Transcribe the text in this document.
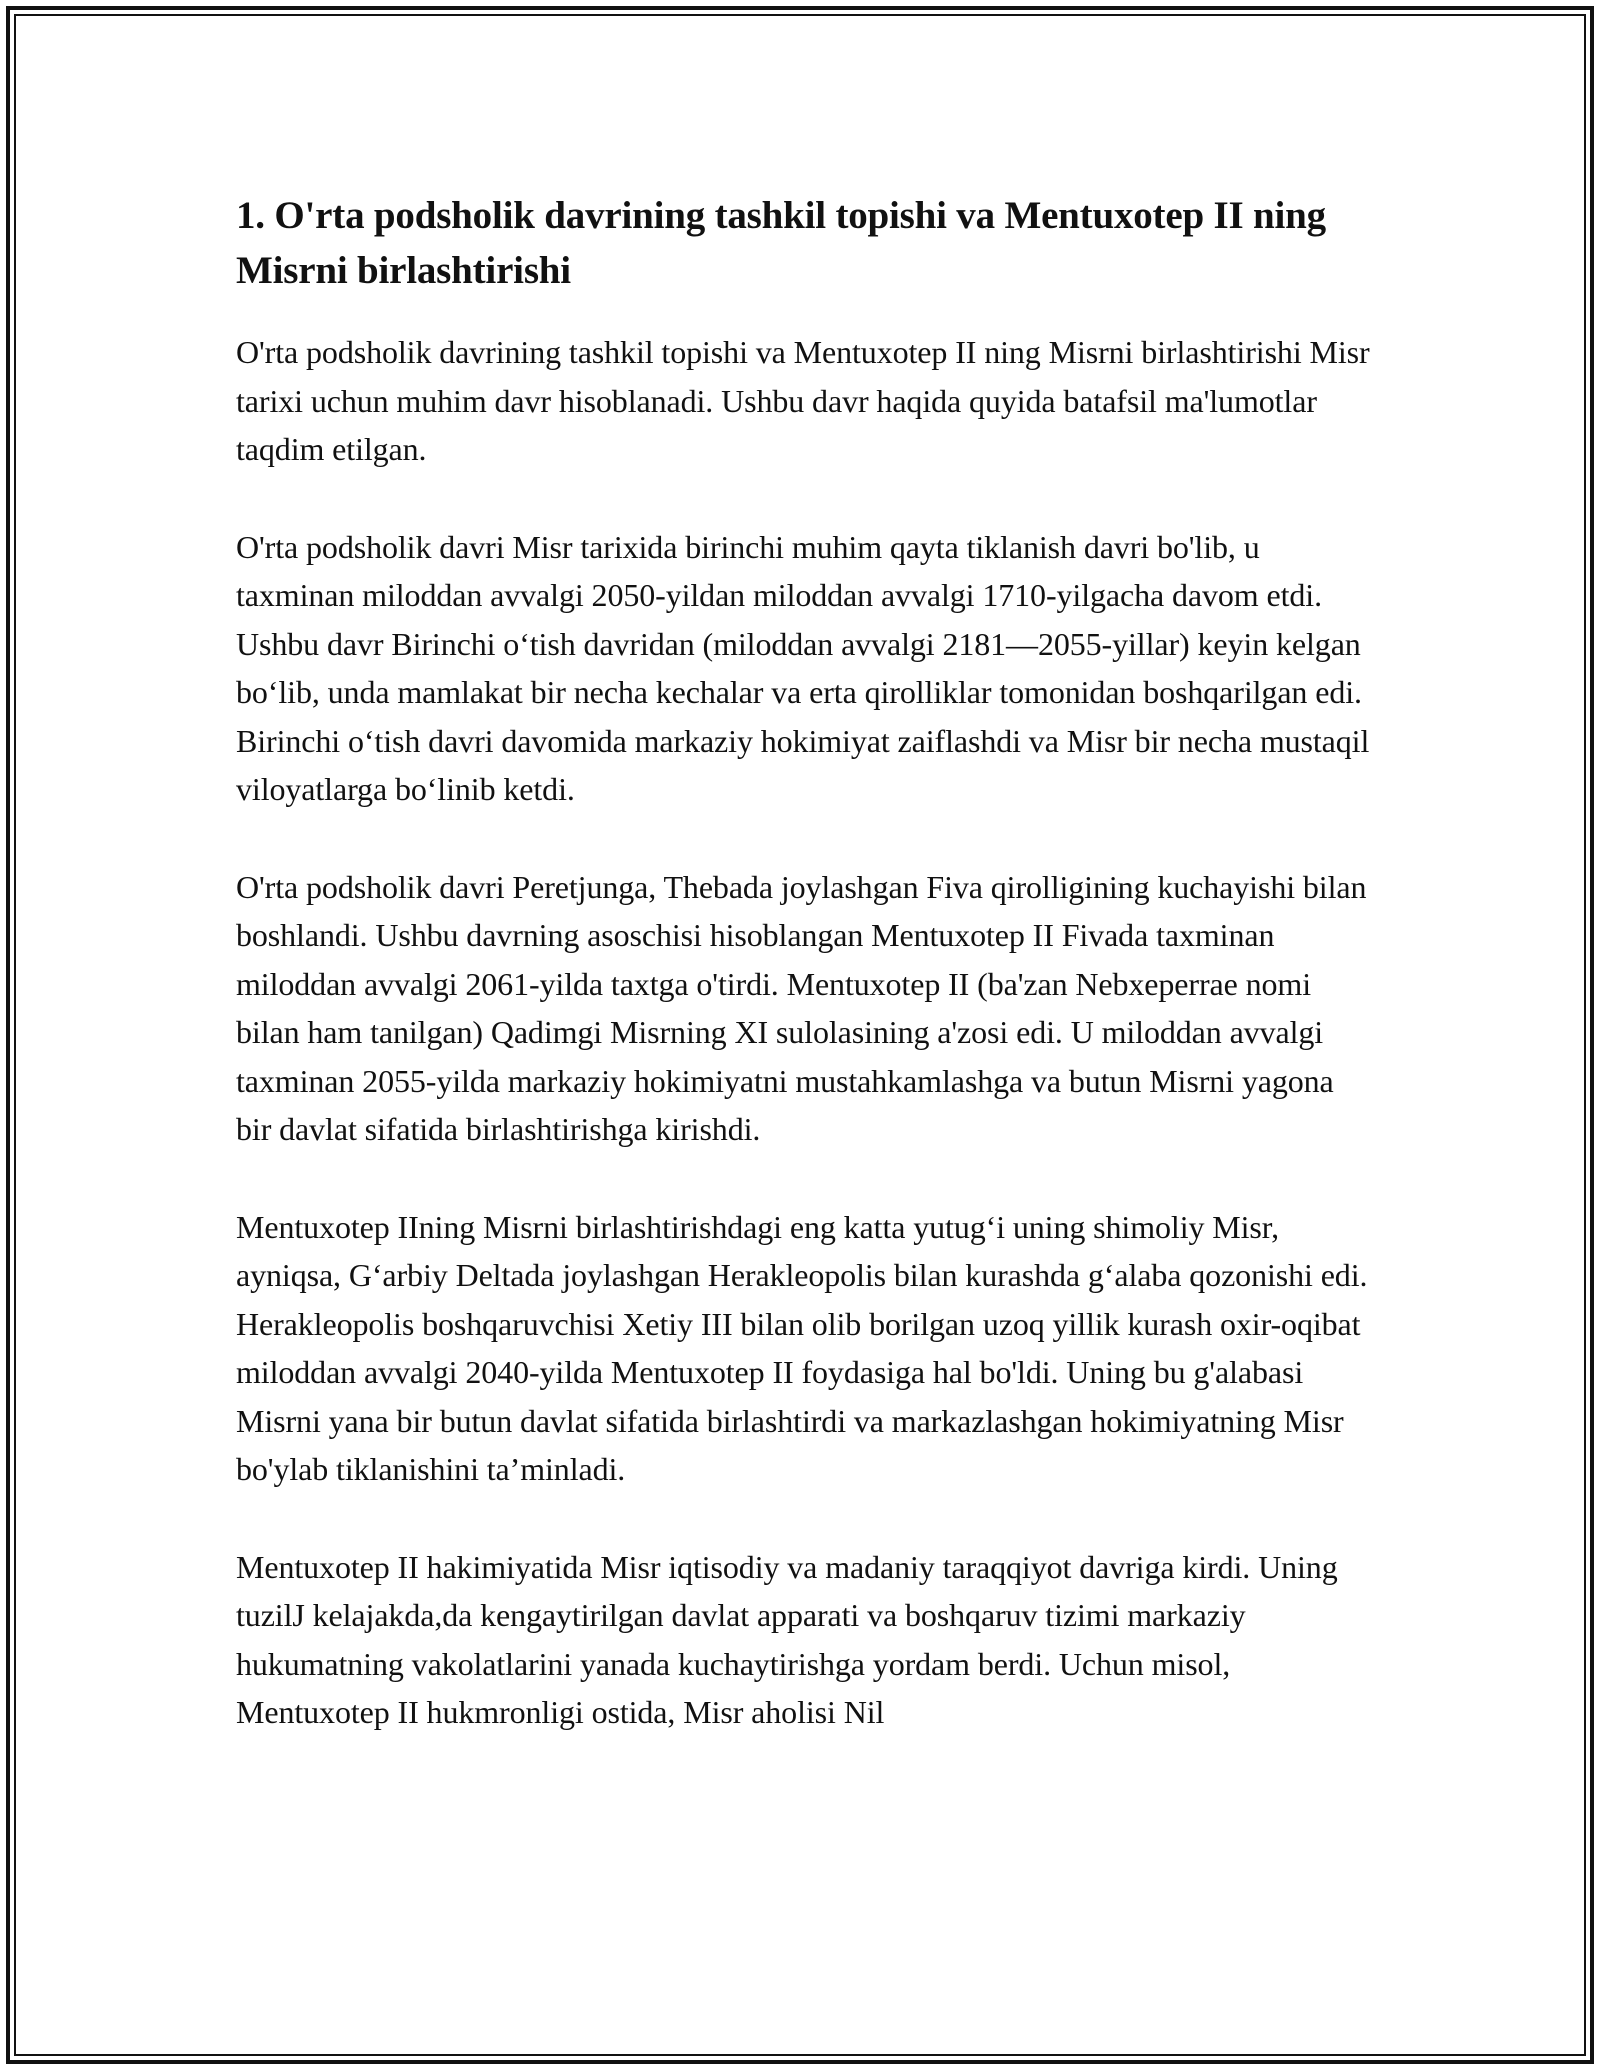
1. O'rta podsholik davrining tashkil topishi va Mentuxotep II ning Misrni birlashtirishi

O'rta podsholik davrining tashkil topishi va Mentuxotep II ning Misrni birlashtirishi Misr tarixi uchun muhim davr hisoblanadi. Ushbu davr haqida quyida batafsil ma'lumotlar taqdim etilgan.

O'rta podsholik davri Misr tarixida birinchi muhim qayta tiklanish davri bo'lib, u taxminan miloddan avvalgi 2050-yildan miloddan avvalgi 1710-yilgacha davom etdi. Ushbu davr Birinchi o‘tish davridan (miloddan avvalgi 2181—2055-yillar) keyin kelgan bo‘lib, unda mamlakat bir necha kechalar va erta qirolliklar tomonidan boshqarilgan edi. Birinchi o‘tish davri davomida markaziy hokimiyat zaiflashdi va Misr bir necha mustaqil viloyatlarga bo‘linib ketdi.

O'rta podsholik davri Peretjunga, Thebada joylashgan Fiva qirolligining kuchayishi bilan boshlandi. Ushbu davrning asoschisi hisoblangan Mentuxotep II Fivada taxminan miloddan avvalgi 2061-yilda taxtga o'tirdi. Mentuxotep II (ba'zan Nebxeperrae nomi bilan ham tanilgan) Qadimgi Misrning XI sulolasining a'zosi edi. U miloddan avvalgi taxminan 2055-yilda markaziy hokimiyatni mustahkamlashga va butun Misrni yagona bir davlat sifatida birlashtirishga kirishdi.

Mentuxotep IIning Misrni birlashtirishdagi eng katta yutug‘i uning shimoliy Misr, ayniqsa, G‘arbiy Deltada joylashgan Herakleopolis bilan kurashda g‘alaba qozonishi edi. Herakleopolis boshqaruvchisi Xetiy III bilan olib borilgan uzoq yillik kurash oxir-oqibat miloddan avvalgi 2040-yilda Mentuxotep II foydasiga hal bo'ldi. Uning bu g'alabasi Misrni yana bir butun davlat sifatida birlashtirdi va markazlashgan hokimiyatning Misr bo'ylab tiklanishini ta’minladi.

Mentuxotep II hakimiyatida Misr iqtisodiy va madaniy taraqqiyot davriga kirdi. Uning tuzilJ kelajakda,da kengaytirilgan davlat apparati va boshqaruv tizimi markaziy hukumatning vakolatlarini yanada kuchaytirishga yordam berdi. Uchun misol, Mentuxotep II hukmronligi ostida, Misr aholisi Nil
